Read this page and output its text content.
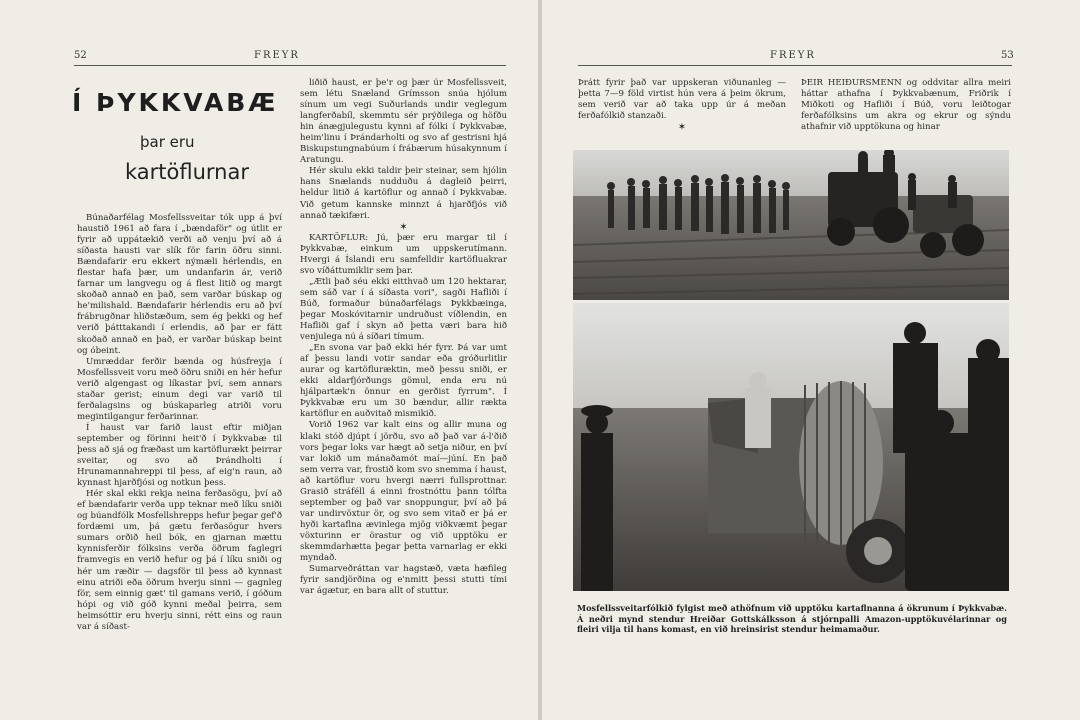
52	FREYR
Í ÞYKKVABÆ
þar eru
kartöflurnar

Búnaðarfélag Mosfellssveitar tók upp á því haustið 1961 að fara í „bændaför" og útlit er fyrir að uppátækið verði að venju því að á síðasta hausti var slík för farin öðru sinni. Bændafarir eru ekkert nýmæli hérlendis, en flestar hafa þær, um undanfarin ár, verið farnar um langvegu og á flest litið og margt skoðað annað en það, sem varðar búskap og he'milishald. Bændafarir hérlendis eru að því frábrugðnar hliðstæðum, sem ég þekki og hef verið þátttakandi í erlendis, að þar er fátt skoðað annað en það, er varðar búskap beint og óbeint.

Umræddar ferðir bænda og húsfreyja í Mosfellssveit voru með öðru sniði en hér hefur verið algengast og líkastar því, sem annars staðar gerist; einum degi var varið til ferðalagsins og búskaparleg atriði voru megintilgangur ferðarinnar.

Í haust var farið laust eftir miðjan september og förinni heit'ð í Þykkvabæ til þess að sjá og fræðast um kartöflurækt þeirrar sveitar, og svo að Þrándholti í Hrunamannahreppi til þess, af eig'n raun, að kynnast hjarðfjósi og notkun þess.

Hér skal ekki rekja neina ferðasögu, því að ef bændafarir verða upp teknar með líku sniði og búandfólk Mosfellshrepps hefur þegar gef'ð fordæmi um, þá gætu ferðasögur hvers sumars orðið heil bók, en gjarnan mættu kynnisferðir fólksins verða öðrum faglegri framvegis en verið hefur og þá í líku sniði og hér um ræðir — dagsför til þess að kynnast einu atriði eða öðrum hverju sinni — gagnleg för, sem einnig gæt' til gamans verið, í góðum hópi og við góð kynni meðal þeirra, sem heimsóttir eru hverju sinni, rétt eins og raun var á síðast-

liðið haust, er þe'r og þær úr Mosfellssveit, sem létu Snæland Grímsson snúa hjólum sínum um vegi Suðurlands undir veglegum langferðabíl, skemmtu sér prýðilega og höfðu hin ánægjulegustu kynni af fólki í Þykkvabæ, heim'linu í Þrándarholti og svo af gestrisni hjá Biskupstungnabúum í frábærum húsakynnum í Aratungu.

Hér skulu ekki taldir þeir steinar, sem hjólin hans Snælands nudduðu á dagleið þeirri, heldur litið á kartöflur og annað í Þykkvabæ. Við getum kannske minnzt á hjarðfjós við annað tækifæri.

✶

KARTÖFLUR: Jú, þær eru margar til í Þykkvabæ, einkum um uppskerutímann. Hvergi á Íslandi eru samfelldir kartöfluakrar svo víðáttumiklir sem þar.

„Ætli það séu ekki eitthvað um 120 hektarar, sem sáð var í á síðasta vori", sagði Hafliði í Búð, formaður búnaðarfélags Þykkbæinga, þegar Moskóvitarnir undruðust víðlendin, en Hafliði gaf í skyn að þetta væri bara hið venjulega nú á síðari tímum.

„En svona var það ekki hér fyrr. Þá var umt af þessu landi votir sandar eða gróðurlitlir aurar og kartöfluræktin, með þessu sniði, er ekki aldarfjórðungs gömul, enda eru nú hjálpartæk'n önnur en gerðist fyrrum". Í Þykkvabæ eru um 30 bændur, allir rækta kartöflur en auðvitað mismikið.

Vorið 1962 var kalt eins og allir muna og klaki stóð djúpt í jörðu, svo að það var á-l'ðið vors þegar loks var hægt að setja niður, en því var lokið um mánaðamót maí—júní. En það sem verra var, frostið kom svo snemma í haust, að kartöflur voru hvergi nærri fullsprottnar. Grasið stráféll á einni frostnóttu þann tólfta september og það var snoppungur, því að þá var undirvöxtur ör, og svo sem vitað er þá er hyði kartaflna ævinlega mjög viðkvæmt þegar vöxturinn er örastur og við upptöku er skemmdarhætta þegar þetta varnarlag er ekki myndað.

Sumarveðráttan var hagstæð, væta hæfileg fyrir sandjörðina og e'nmitt þessi stutti tími var ágætur, en bara allt of stuttur.

FREYR	53

Þrátt fyrir það var uppskeran viðunanleg — þetta 7—9 föld virtist hún vera á þeim ökrum, sem verið var að taka upp úr á meðan ferðafólkið stanzaði.

✶

ÞEIR HEIÐURSMENN og oddvitar allra meiri háttar athafna í Þykkvabænum, Friðrik í Miðkoti og Hafliði í Búð, voru leiðtogar ferðafólksins um akra og ekrur og sýndu athafnir við upptökuna og hinar

Mosfellssveitarfólkið fylgist með athöfnum við upptöku kartaflnanna á ökrunum í Þykkvabæ. Á neðri mynd stendur Hreiðar Gottskálksson á stjórnpalli Amazon-upptökuvélarinnar og fleiri vilja til hans komast, en við hreinsirist stendur heimamaður.
